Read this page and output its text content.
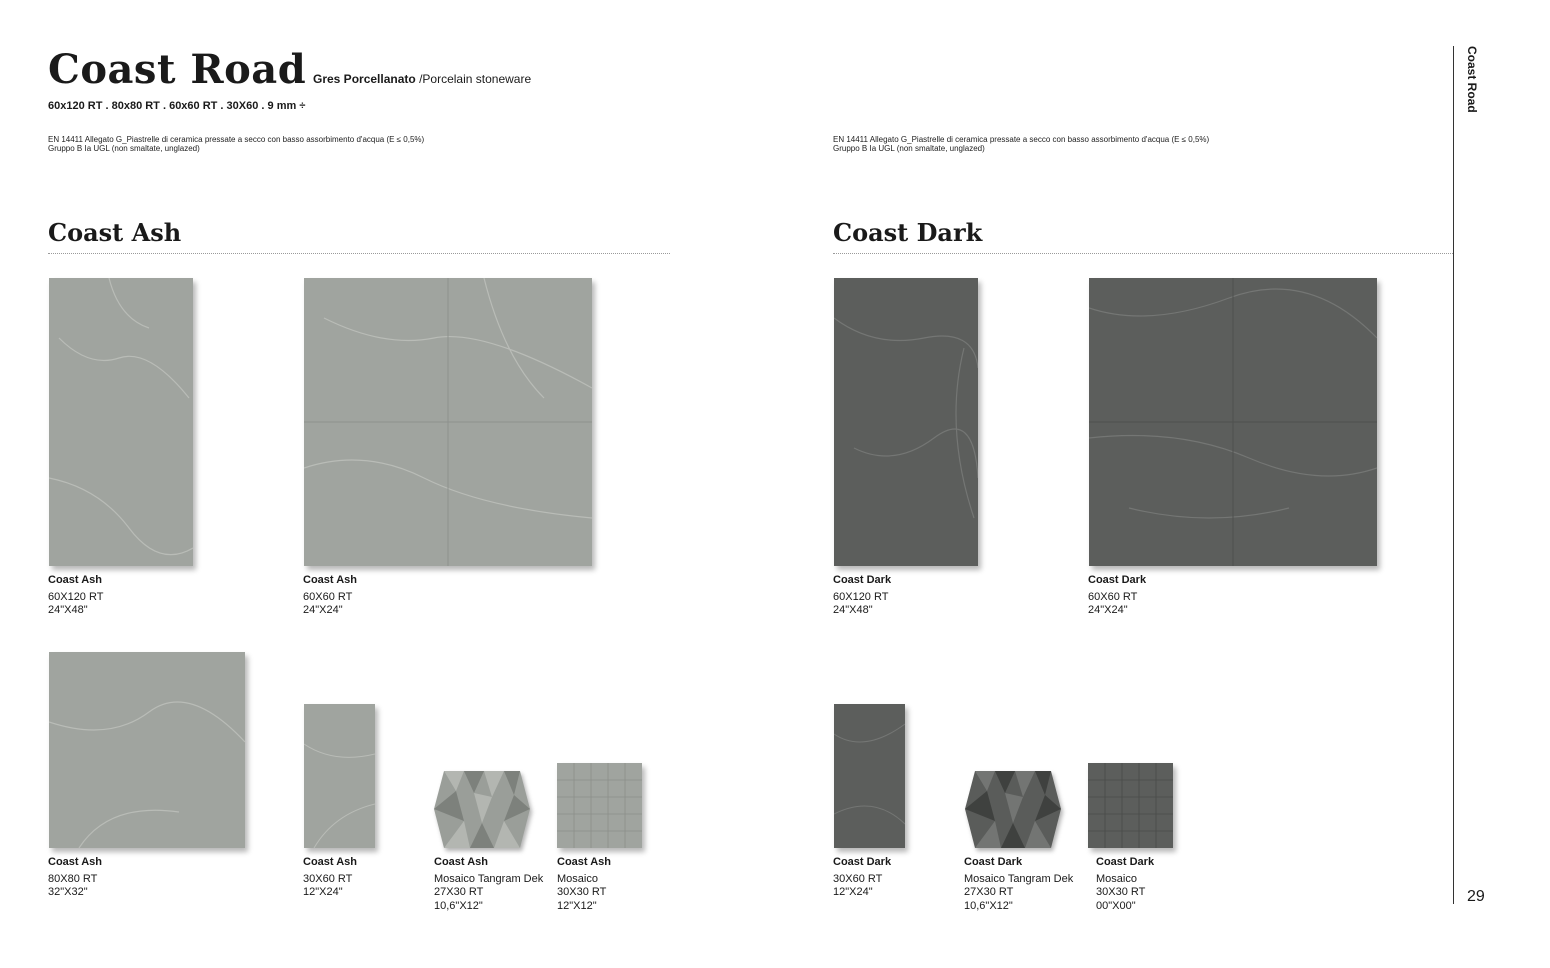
Coast Road Gres Porcellanato /Porcelain stoneware
60x120 RT . 80x80 RT . 60x60 RT . 30X60 . 9 mm ÷
EN 14411 Allegato G_Piastrelle di ceramica pressate a secco con basso assorbimento d'acqua (E ≤ 0,5%)
Gruppo B Ia UGL (non smaltate, unglazed)
EN 14411 Allegato G_Piastrelle di ceramica pressate a secco con basso assorbimento d'acqua (E ≤ 0,5%)
Gruppo B Ia UGL (non smaltate, unglazed)
Coast Ash	Coast Dark
Coast Ash
60X120 RT
24"X48"
Coast Ash
60X60 RT
24"X24"
Coast Ash
80X80 RT
32"X32"
Coast Ash
30X60 RT
12"X24"
Coast Ash
Mosaico Tangram Dek
27X30 RT
10,6"X12"
Coast Ash
Mosaico
30X30 RT
12"X12"
Coast Dark
60X120 RT
24"X48"
Coast Dark
60X60 RT
24"X24"
Coast Dark
30X60 RT
12"X24"
Coast Dark
Mosaico Tangram Dek
27X30 RT
10,6"X12"
Coast Dark
Mosaico
30X30 RT
00"X00"
Coast Road
29
